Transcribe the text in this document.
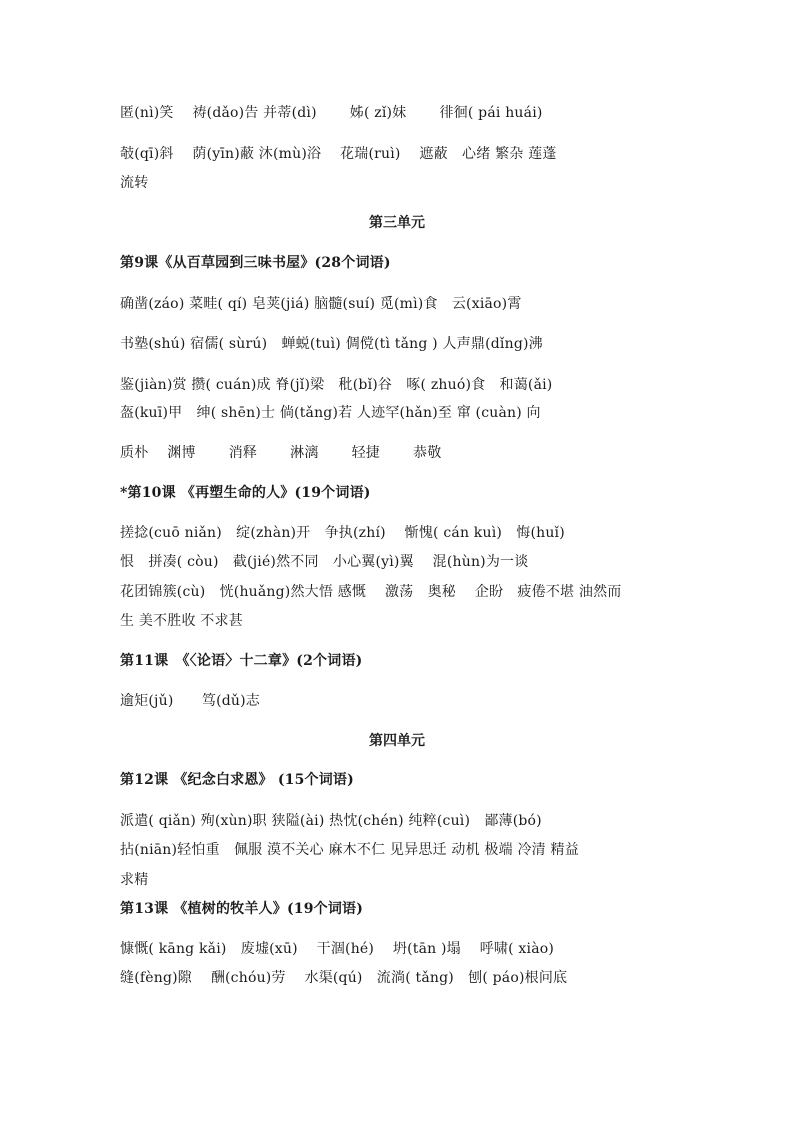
匿(nì)笑　 祷(dǎo)告 并蒂(dì)　　 姊( zǐ)妹　　 徘徊( pái huái)
攲(qī)斜　 荫(yīn)蔽 沐(mù)浴　 花瑞(ruì)　 遮蔽　心绪 繁杂 莲蓬
流转
第三单元
第9课《从百草园到三味书屋》(28个词语)
确凿(záo) 菜畦( qí) 皂荚(jiá) 脑髓(suí) 觅(mì)食　云(xiāo)霄
书塾(shú) 宿儒( sùrú)　蝉蜕(tuì) 倜傥(tì tǎng ) 人声鼎(dǐng)沸
鉴(jiàn)赏 攒( cuán)成 脊(jǐ)梁　秕(bǐ)谷　啄( zhuó)食　和蔼(ǎi)
盔(kuī)甲　绅( shēn)士 倘(tǎng)若 人迹罕(hǎn)至 窜 (cuàn) 向
质朴　 渊博　　 消释　　 淋漓　　 轻捷　　 恭敬
*第10课 《再塑生命的人》(19个词语)
搓捻(cuō niǎn)　绽(zhàn)开　争执(zhí)　 惭愧( cán kuì)　悔(huǐ)
恨　拼凑( còu)　截(jié)然不同　小心翼(yì)翼　 混(hùn)为一谈
花团锦簇(cù)　恍(huǎng)然大悟 感慨　 激荡　奥秘　 企盼　疲倦不堪 油然而
生 美不胜收 不求甚
第11课　《〈论语〉十二章》(2个词语)
逾矩(jǔ)　　笃(dǔ)志
第四单元
第12课 《纪念白求恩》 (15个词语)
派遣( qiǎn) 殉(xùn)职 狭隘(ài) 热忱(chén) 纯粹(cuì)　鄙薄(bó)
拈(niān)轻怕重　佩服 漠不关心 麻木不仁 见异思迁 动机 极端 冷清 精益
求精
第13课 《植树的牧羊人》(19个词语)
慷慨( kāng kǎi)　废墟(xū)　 干涸(hé)　 坍(tān )塌　 呼啸( xiào)
缝(fèng)隙　 酬(chóu)劳　 水渠(qú)　流淌( tǎng)　刨( páo)根问底
